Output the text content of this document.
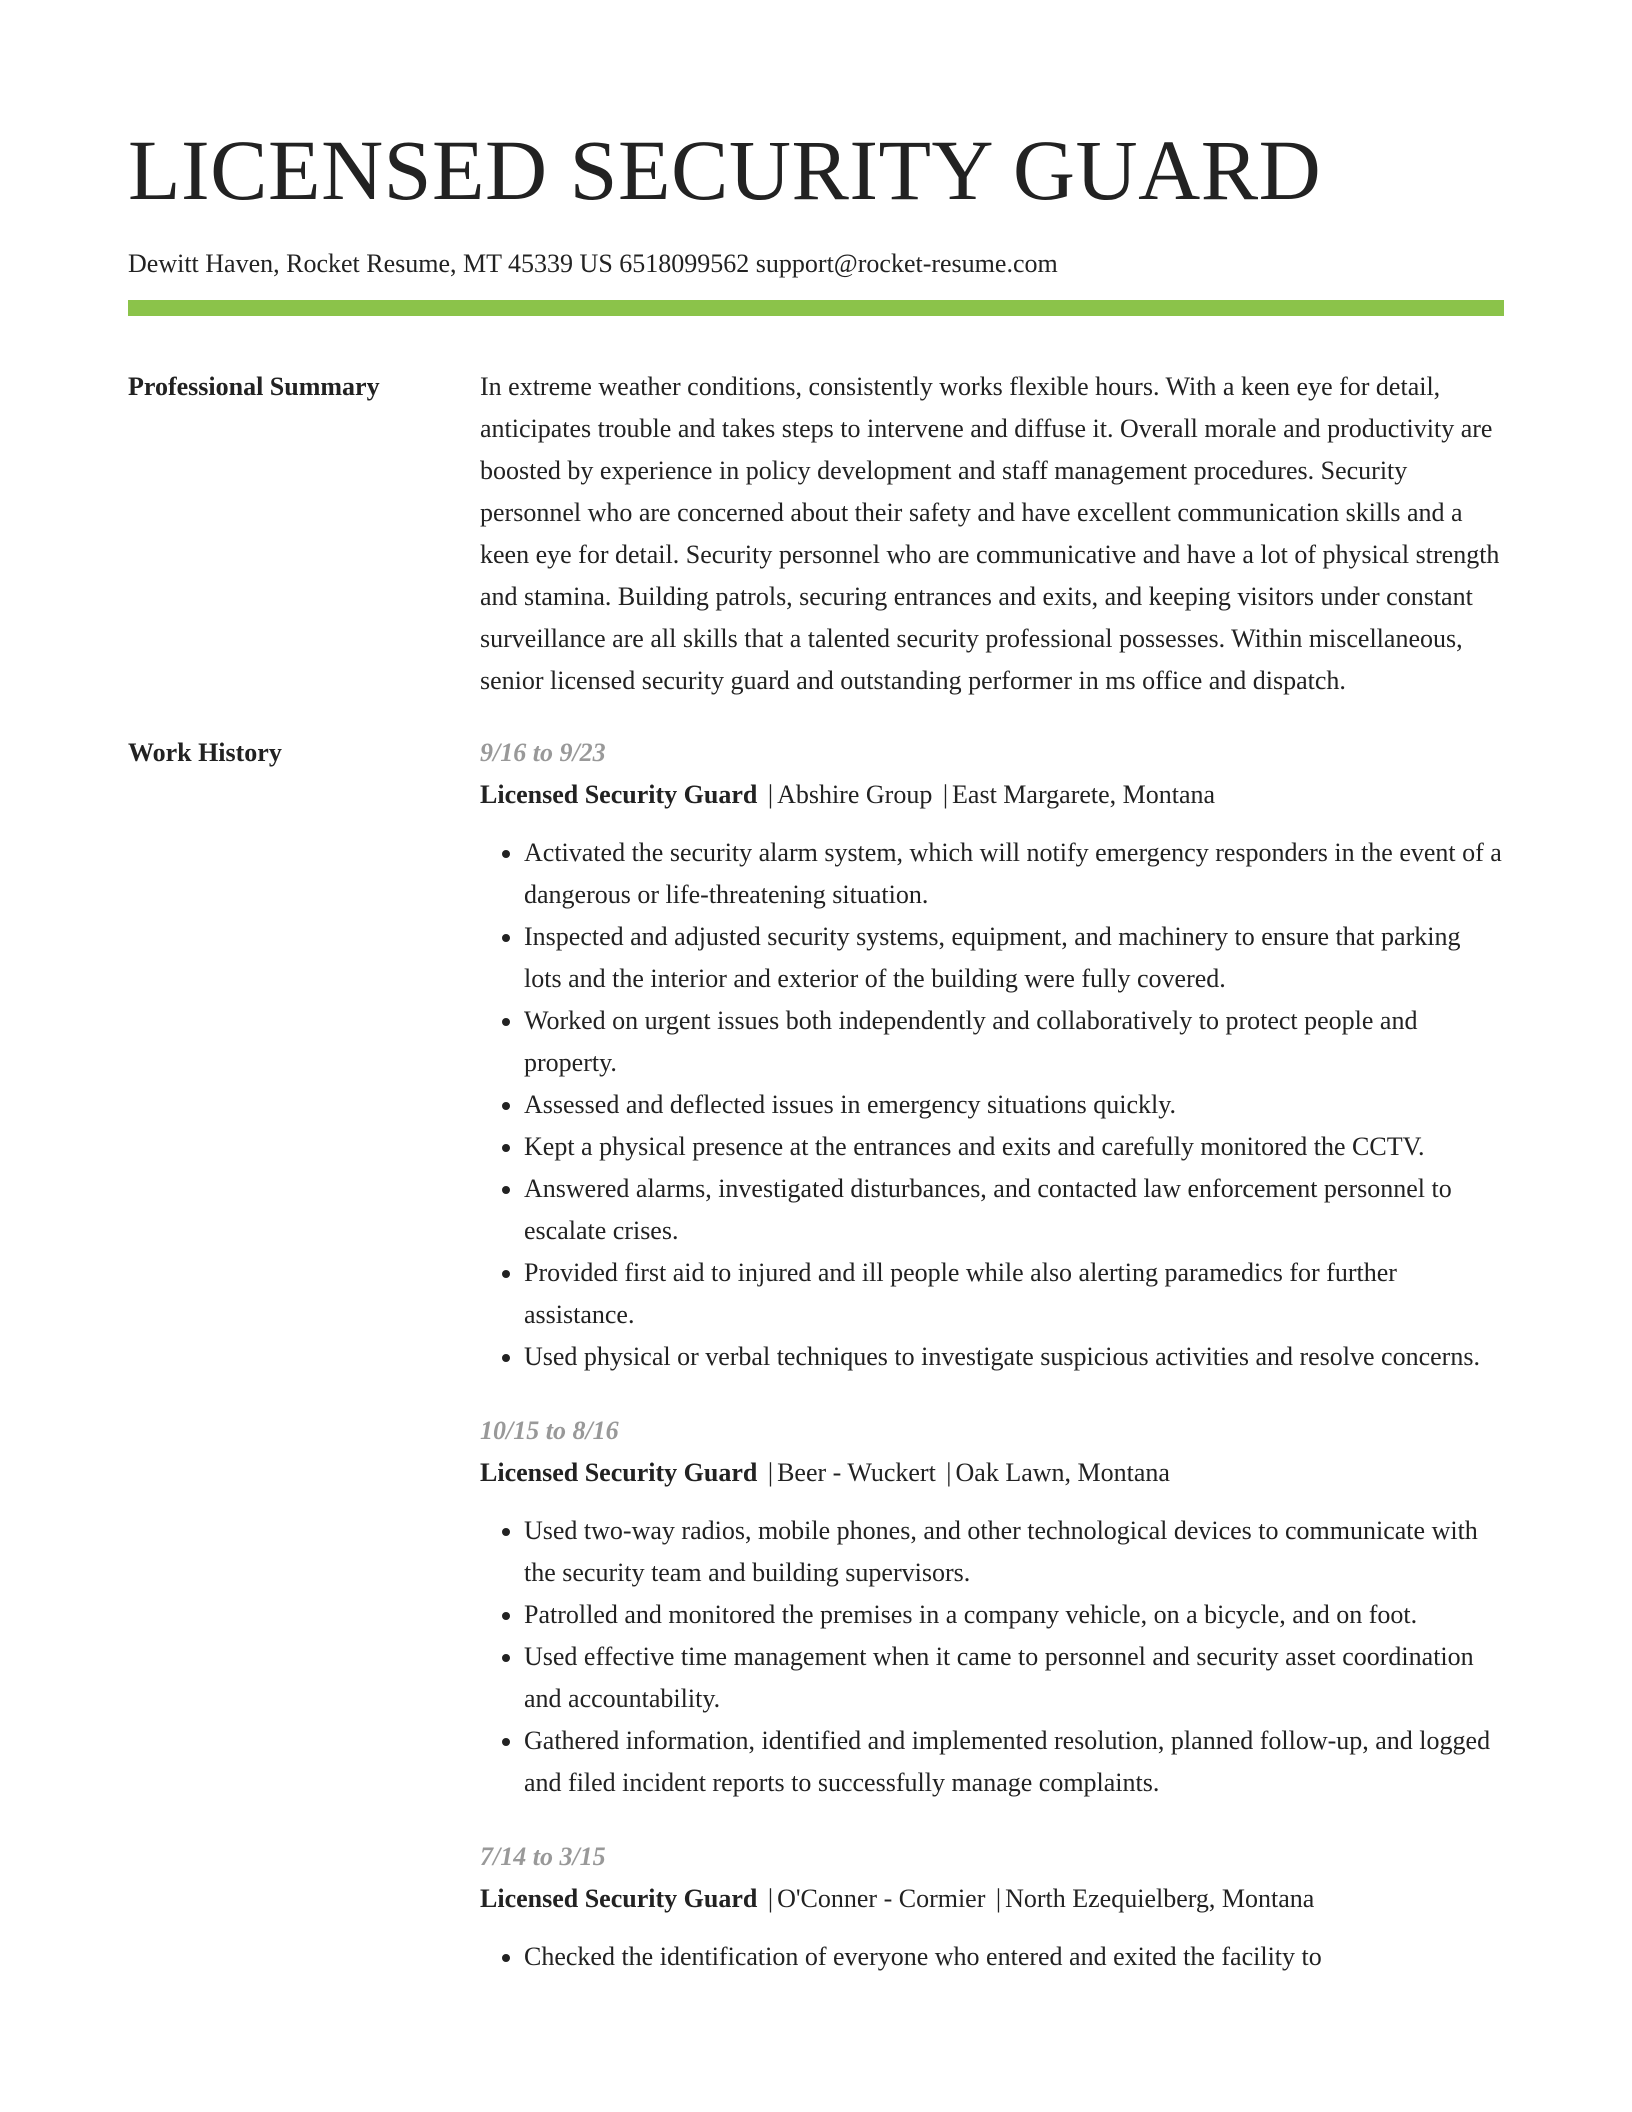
LICENSED SECURITY GUARD
Dewitt Haven, Rocket Resume, MT 45339 US 6518099562 support@rocket-resume.com
Professional Summary	In extreme weather conditions, consistently works flexible hours. With a keen eye for detail, anticipates trouble and takes steps to intervene and diffuse it. Overall morale and productivity are boosted by experience in policy development and staff management procedures. Security personnel who are concerned about their safety and have excellent communication skills and a keen eye for detail. Security personnel who are communicative and have a lot of physical strength and stamina. Building patrols, securing entrances and exits, and keeping visitors under constant surveillance are all skills that a talented security professional possesses. Within miscellaneous, senior licensed security guard and outstanding performer in ms office and dispatch.

Work History	9/16 to 9/23
Licensed Security Guard | Abshire Group | East Margarete, Montana
• Activated the security alarm system, which will notify emergency responders in the event of a dangerous or life-threatening situation.
• Inspected and adjusted security systems, equipment, and machinery to ensure that parking lots and the interior and exterior of the building were fully covered.
• Worked on urgent issues both independently and collaboratively to protect people and property.
• Assessed and deflected issues in emergency situations quickly.
• Kept a physical presence at the entrances and exits and carefully monitored the CCTV.
• Answered alarms, investigated disturbances, and contacted law enforcement personnel to escalate crises.
• Provided first aid to injured and ill people while also alerting paramedics for further assistance.
• Used physical or verbal techniques to investigate suspicious activities and resolve concerns.
10/15 to 8/16
Licensed Security Guard | Beer - Wuckert | Oak Lawn, Montana
• Used two-way radios, mobile phones, and other technological devices to communicate with the security team and building supervisors.
• Patrolled and monitored the premises in a company vehicle, on a bicycle, and on foot.
• Used effective time management when it came to personnel and security asset coordination and accountability.
• Gathered information, identified and implemented resolution, planned follow-up, and logged and filed incident reports to successfully manage complaints.
7/14 to 3/15
Licensed Security Guard | O'Conner - Cormier | North Ezequielberg, Montana
• Checked the identification of everyone who entered and exited the facility to
